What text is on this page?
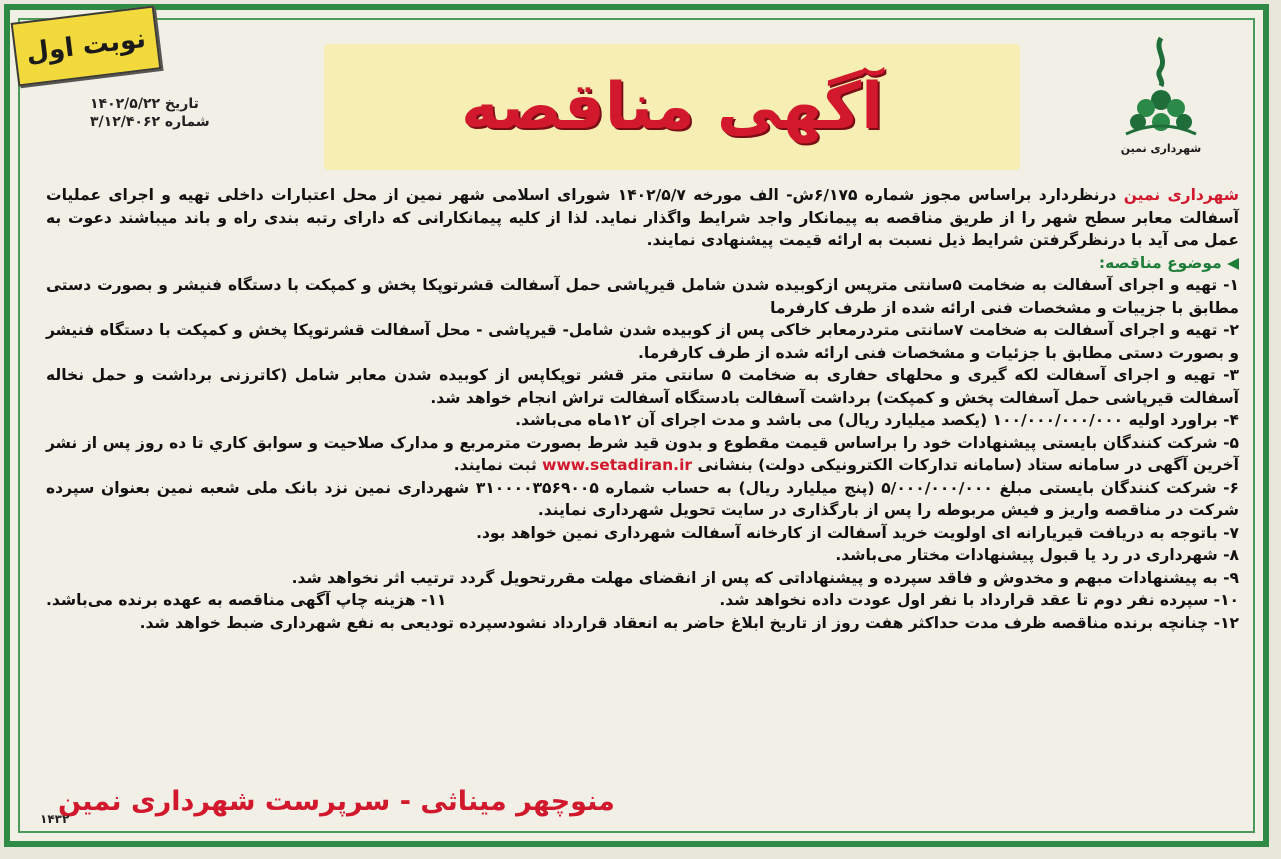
نوبت اول
تاریخ ۱۴۰۲/۵/۲۲
شماره ۳/۱۲/۴۰۶۲	آگهی مناقصه
شهرداری نمین

شهرداری نمین درنظردارد براساس مجوز شماره ۶/۱۷۵ش- الف مورخه ۱۴۰۲/۵/۷ شورای اسلامی شهر نمین از محل اعتبارات داخلی تهیه و اجرای عملیات آسفالت معابر سطح شهر را از طریق مناقصه به پیمانکار واجد شرایط واگذار نماید. لذا از کلیه پیمانکارانی که دارای رتبه بندی راه و باند میباشند دعوت به عمل می آید با درنظرگرفتن شرایط ذیل نسبت به ارائه قیمت پیشنهادی نمایند.

◀ موضوع مناقصه:

۱- تهیه و اجرای آسفالت به ضخامت ۵سانتی مترپس ازکوبیده شدن شامل قیرپاشی حمل آسفالت قشرتوپکا پخش و کمپکت با دستگاه فنیشر و بصورت دستی مطابق با جزییات و مشخصات فنی ارائه شده از طرف کارفرما

۲- تهیه و اجرای آسفالت به ضخامت ۷سانتی متردرمعابر خاکی پس از کوبیده شدن شامل- قیرپاشی - محل آسفالت قشرتوپکا پخش و کمپکت با دستگاه فنیشر و بصورت دستی مطابق با جزئیات و مشخصات فنی ارائه شده از طرف کارفرما.

۳- تهیه و اجرای آسفالت لکه گیری و محلهای حفاری به ضخامت ۵ سانتی متر قشر توپکاپس از کوبیده شدن معابر شامل (کاترزنی برداشت و حمل نخاله آسفالت قیرپاشی حمل آسفالت پخش و کمپکت) برداشت آسفالت بادستگاه آسفالت تراش انجام خواهد شد.

۴- براورد اولیه ۱۰۰/۰۰۰/۰۰۰/۰۰۰ (یکصد میلیارد ریال) می باشد و مدت اجرای آن ۱۲ماه می‌باشد.

۵- شرکت کنندگان بایستی پیشنهادات خود را براساس قیمت مقطوع و بدون قید شرط بصورت مترمربع و مدارک صلاحیت و سوابق کاري تا ده روز پس از نشر آخرین آگهی در سامانه ستاد (سامانه تدارکات الکترونیکی دولت) بنشانی www.setadiran.ir ثبت نمایند.

۶- شرکت کنندگان بایستی مبلغ ۵/۰۰۰/۰۰۰/۰۰۰ (پنج میلیارد ریال) به حساب شماره ۳۱۰۰۰۰۳۵۶۹۰۰۵ شهرداری نمین نزد بانک ملی شعبه نمین بعنوان سپرده شرکت در مناقصه واریز و فیش مربوطه را پس از بارگذاری در سایت تحویل شهرداری نمایند.

۷- باتوجه به دریافت قیریارانه ای اولویت خرید آسفالت از کارخانه آسفالت شهرداری نمین خواهد بود.

۸- شهرداری در رد یا قبول پیشنهادات مختار می‌باشد.

۹- به پیشنهادات مبهم و مخدوش و فاقد سپرده و پیشنهاداتی که پس از انقضای مهلت مقررتحویل گردد ترتیب اثر نخواهد شد.

۱۰- سپرده نفر دوم تا عقد قرارداد با نفر اول عودت داده نخواهد شد.
۱۱- هزینه چاپ آگهی مناقصه به عهده برنده می‌باشد.

۱۲- چنانچه برنده مناقصه ظرف مدت حداکثر هفت روز از تاریخ ابلاغ حاضر به انعقاد قرارداد نشودسپرده تودیعی به نفع شهرداری ضبط خواهد شد.

منوچهر میناثی - سرپرست شهرداری نمین
۱۴۳۲
